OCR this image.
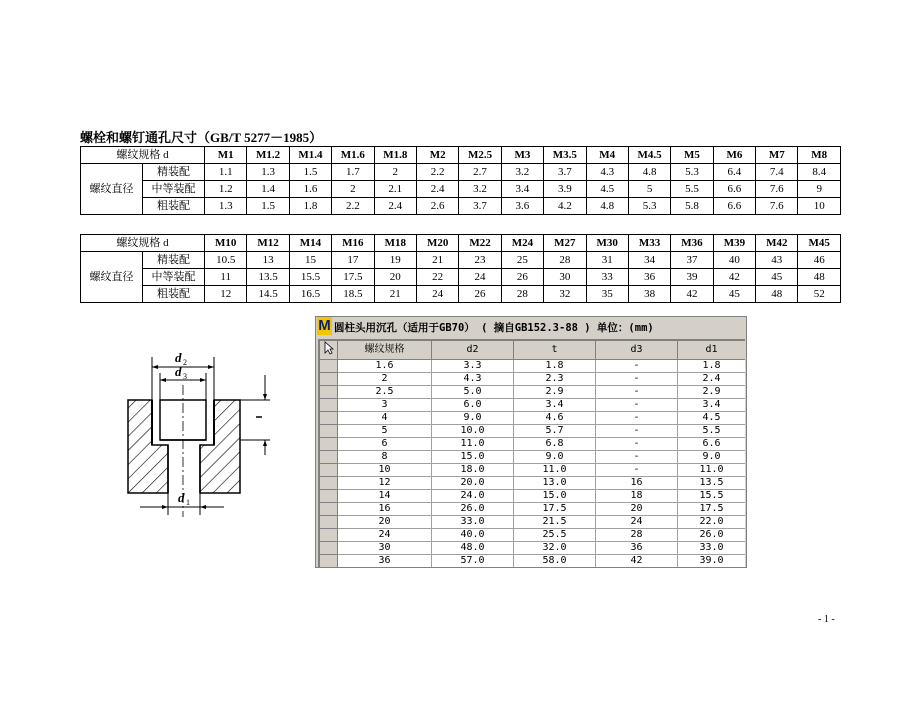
螺栓和螺钉通孔尺寸（GB/T 5277－1985）
螺纹规格 d		M1	M1.2	M1.4	M1.6	M1.8	M2	M2.5	M3	M3.5	M4	M4.5	M5	M6	M7	M8
螺纹直径	精装配	1.1	1.3	1.5	1.7	2	2.2	2.7	3.2	3.7	4.3	4.8	5.3	6.4	7.4	8.4
	中等装配	1.2	1.4	1.6	2	2.1	2.4	3.2	3.4	3.9	4.5	5	5.5	6.6	7.6	9
	粗装配	1.3	1.5	1.8	2.2	2.4	2.6	3.7	3.6	4.2	4.8	5.3	5.8	6.6	7.6	10
螺纹规格 d		M10	M12	M14	M16	M18	M20	M22	M24	M27	M30	M33	M36	M39	M42	M45
螺纹直径	精装配	10.5	13	15	17	19	21	23	25	28	31	34	37	40	43	46
	中等装配	11	13.5	15.5	17.5	20	22	24	26	30	33	36	39	42	45	48
	粗装配	12	14.5	16.5	18.5	21	24	26	28	32	35	38	42	45	48	52
d 2
d 3
d 1
M 圆柱头用沉孔（适用于GB70） ( 摘自GB152.3-88 ) 单位：(mm)
	螺纹规格	d2	t	d3	d1
	1.6	3.3	1.8	-	1.8
	2	4.3	2.3	-	2.4
	2.5	5.0	2.9	-	2.9
	3	6.0	3.4	-	3.4
	4	9.0	4.6	-	4.5
	5	10.0	5.7	-	5.5
	6	11.0	6.8	-	6.6
	8	15.0	9.0	-	9.0
	10	18.0	11.0	-	11.0
	12	20.0	13.0	16	13.5
	14	24.0	15.0	18	15.5
	16	26.0	17.5	20	17.5
	20	33.0	21.5	24	22.0
	24	40.0	25.5	28	26.0
	30	48.0	32.0	36	33.0
	36	57.0	58.0	42	39.0
- 1 -
